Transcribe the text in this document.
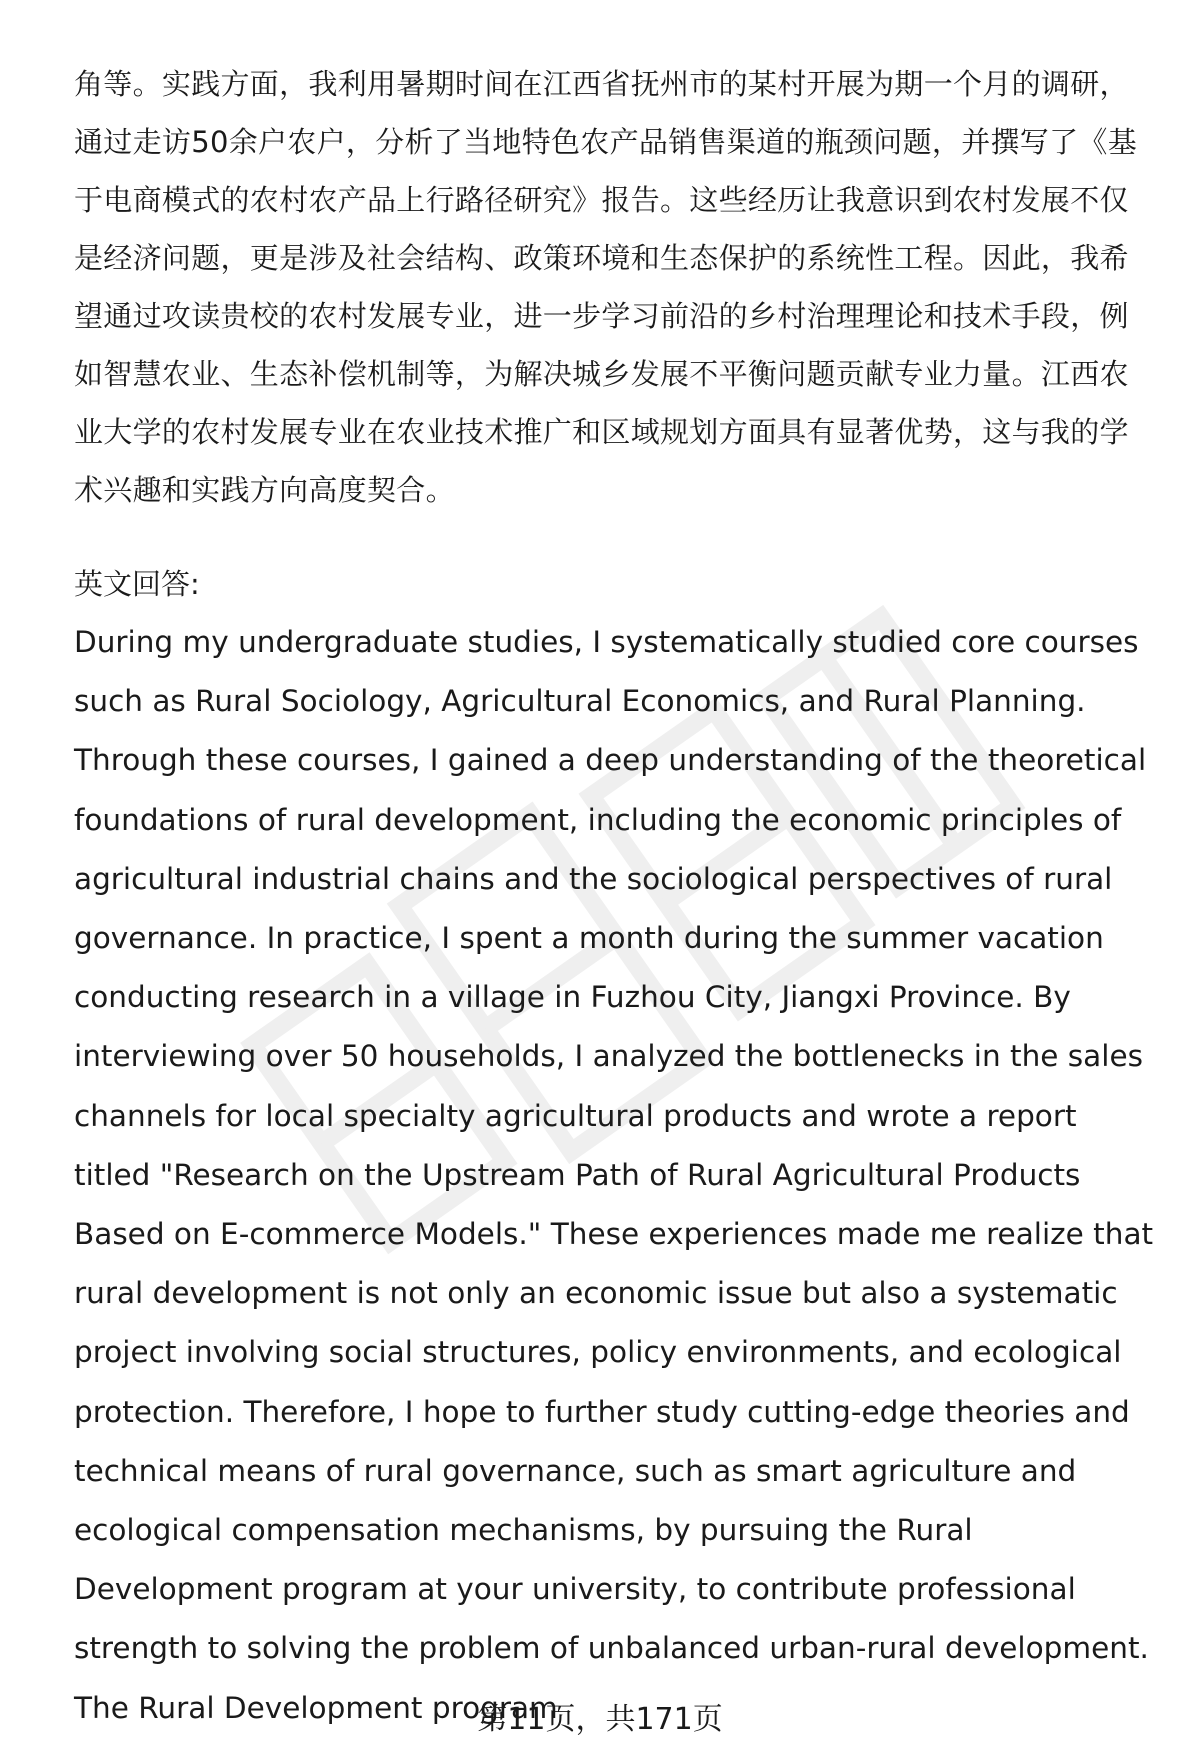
角等。实践方面，我利用暑期时间在江西省抚州市的某村开展为期一个月的调研，通过走访50余户农户，分析了当地特色农产品销售渠道的瓶颈问题，并撰写了《基于电商模式的农村农产品上行路径研究》报告。这些经历让我意识到农村发展不仅是经济问题，更是涉及社会结构、政策环境和生态保护的系统性工程。因此，我希望通过攻读贵校的农村发展专业，进一步学习前沿的乡村治理理论和技术手段，例如智慧农业、生态补偿机制等，为解决城乡发展不平衡问题贡献专业力量。江西农业大学的农村发展专业在农业技术推广和区域规划方面具有显著优势，这与我的学术兴趣和实践方向高度契合。

英文回答:

During my undergraduate studies, I systematically studied core courses such as Rural Sociology, Agricultural Economics, and Rural Planning. Through these courses, I gained a deep understanding of the theoretical foundations of rural development, including the economic principles of agricultural industrial chains and the sociological perspectives of rural governance. In practice, I spent a month during the summer vacation conducting research in a village in Fuzhou City, Jiangxi Province. By interviewing over 50 households, I analyzed the bottlenecks in the sales channels for local specialty agricultural products and wrote a report titled "Research on the Upstream Path of Rural Agricultural Products Based on E-commerce Models." These experiences made me realize that rural development is not only an economic issue but also a systematic project involving social structures, policy environments, and ecological protection. Therefore, I hope to further study cutting-edge theories and technical means of rural governance, such as smart agriculture and ecological compensation mechanisms, by pursuing the Rural Development program at your university, to contribute professional strength to solving the problem of unbalanced urban-rural development. The Rural Development program

第11页，共171页
